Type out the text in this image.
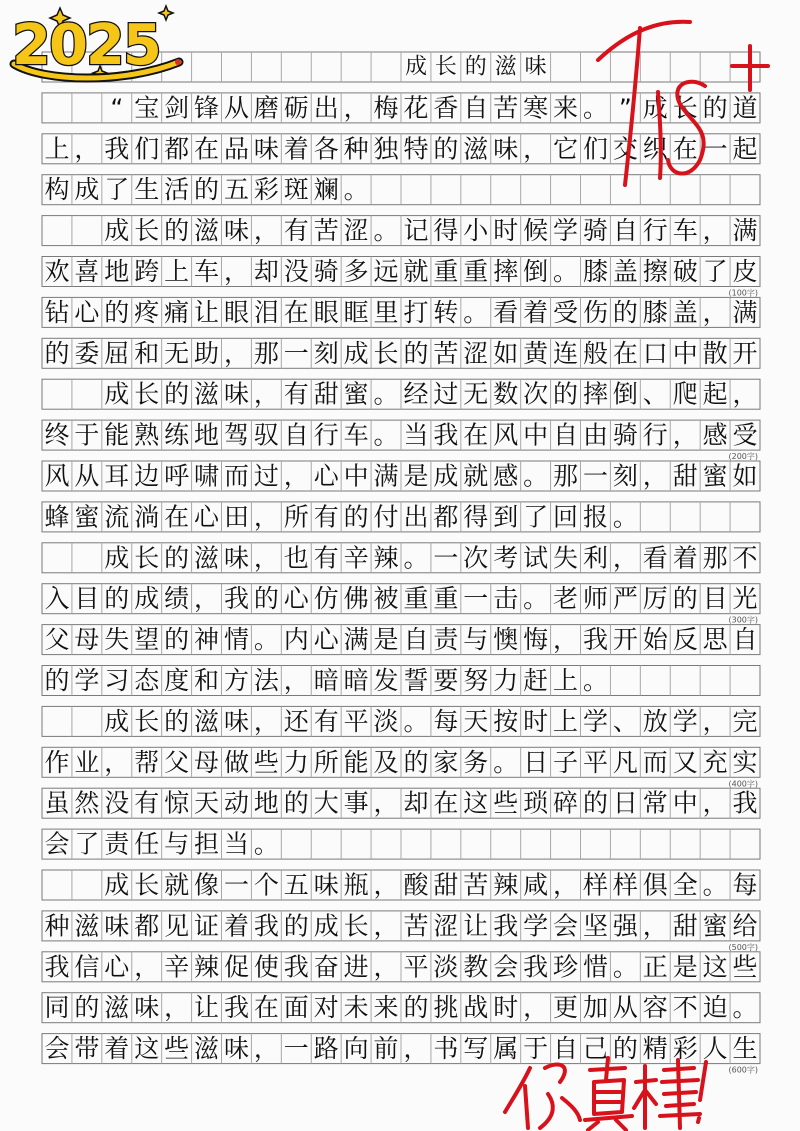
成 长 的 滋 味
“ 宝 剑 锋 从 磨 砺 出 ， 梅 花 香 自 苦 寒 来 。 ” 成 长 的 道
上 ， 我 们 都 在 品 味 着 各 种 独 特 的 滋 味 ， 它 们 交 织 在 一 起
构 成 了 生 活 的 五 彩 斑 斓 。
成 长 的 滋 味 ， 有 苦 涩 。 记 得 小 时 候 学 骑 自 行 车 ， 满
欢 喜 地 跨 上 车 ， 却 没 骑 多 远 就 重 重 摔 倒 。 膝 盖 擦 破 了 皮
钻 心 的 疼 痛 让 眼 泪 在 眼 眶 里 打 转 。 看 着 受 伤 的 膝 盖 ， 满
的 委 屈 和 无 助 ， 那 一 刻 成 长 的 苦 涩 如 黄 连 般 在 口 中 散 开
成 长 的 滋 味 ， 有 甜 蜜 。 经 过 无 数 次 的 摔 倒 、 爬 起 ，
终 于 能 熟 练 地 驾 驭 自 行 车 。 当 我 在 风 中 自 由 骑 行 ， 感 受
风 从 耳 边 呼 啸 而 过 ， 心 中 满 是 成 就 感 。 那 一 刻 ， 甜 蜜 如
蜂 蜜 流 淌 在 心 田 ， 所 有 的 付 出 都 得 到 了 回 报 。
成 长 的 滋 味 ， 也 有 辛 辣 。 一 次 考 试 失 利 ， 看 着 那 不
入 目 的 成 绩 ， 我 的 心 仿 佛 被 重 重 一 击 。 老 师 严 厉 的 目 光
父 母 失 望 的 神 情 。 内 心 满 是 自 责 与 懊 悔 ， 我 开 始 反 思 自
的 学 习 态 度 和 方 法 ， 暗 暗 发 誓 要 努 力 赶 上 。
成 长 的 滋 味 ， 还 有 平 淡 。 每 天 按 时 上 学 、 放 学 ， 完
作 业 ， 帮 父 母 做 些 力 所 能 及 的 家 务 。 日 子 平 凡 而 又 充 实
虽 然 没 有 惊 天 动 地 的 大 事 ， 却 在 这 些 琐 碎 的 日 常 中 ， 我
会 了 责 任 与 担 当 。
成 长 就 像 一 个 五 味 瓶 ， 酸 甜 苦 辣 咸 ， 样 样 俱 全 。 每
种 滋 味 都 见 证 着 我 的 成 长 ， 苦 涩 让 我 学 会 坚 强 ， 甜 蜜 给
我 信 心 ， 辛 辣 促 使 我 奋 进 ， 平 淡 教 会 我 珍 惜 。 正 是 这 些
同 的 滋 味 ， 让 我 在 面 对 未 来 的 挑 战 时 ， 更 加 从 容 不 迫 。
会 带 着 这 些 滋 味 ， 一 路 向 前 ， 书 写 属 于 自 己 的 精 彩 人 生
(100字)
(200字)
(300字)
(400字)
(500字)
(600字)
2025
